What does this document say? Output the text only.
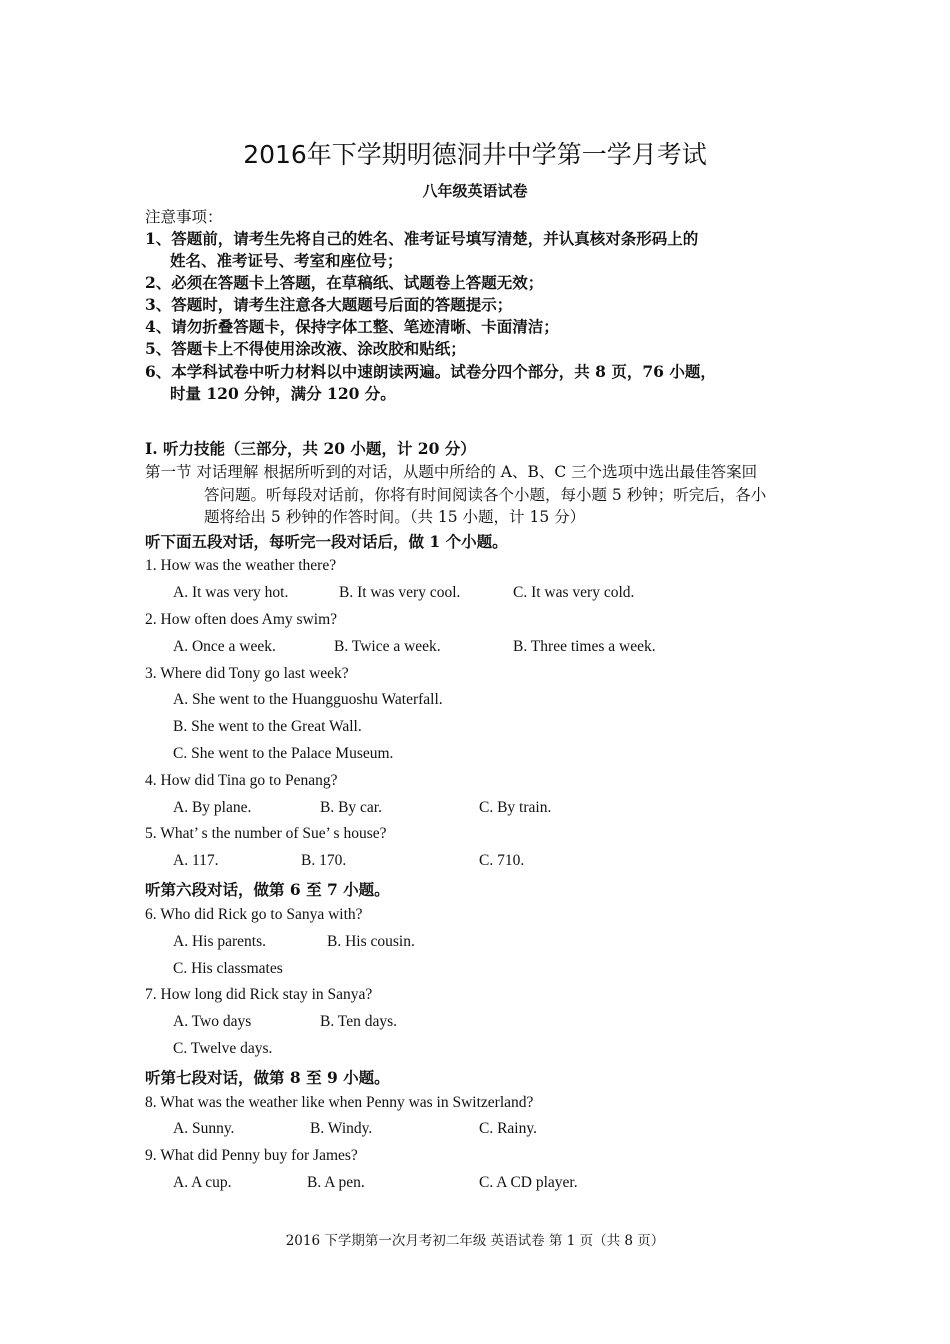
2016年下学期明德洞井中学第一学月考试
八年级英语试卷
注意事项：
1、答题前，请考生先将自己的姓名、准考证号填写清楚，并认真核对条形码上的
姓名、准考证号、考室和座位号；
2、必须在答题卡上答题，在草稿纸、试题卷上答题无效；
3、答题时，请考生注意各大题题号后面的答题提示；
4、请勿折叠答题卡，保持字体工整、笔迹清晰、卡面清洁；
5、答题卡上不得使用涂改液、涂改胶和贴纸；
6、本学科试卷中听力材料以中速朗读两遍。试卷分四个部分，共 8 页，76 小题，
时量 120 分钟，满分 120 分。
I. 听力技能（三部分，共 20 小题，计 20 分）
第一节 对话理解 根据所听到的对话，从题中所给的 A、B、C 三个选项中选出最佳答案回
答问题。听每段对话前，你将有时间阅读各个小题，每小题 5 秒钟；听完后，各小
题将给出 5 秒钟的作答时间。（共 15 小题，计 15 分）
听下面五段对话，每听完一段对话后，做 1 个小题。
1. How was the weather there?
A. It was very hot.	B. It was very cool.	C. It was very cold.
2. How often does Amy swim?
A. Once a week.	B. Twice a week.	B. Three times a week.
3. Where did Tony go last week?
A. She went to the Huangguoshu Waterfall.
B. She went to the Great Wall.
C. She went to the Palace Museum.
4. How did Tina go to Penang?
A. By plane.	B. By car.	C. By train.
5. What’ s the number of Sue’ s house?
A. 117.	B. 170.	C. 710.
听第六段对话，做第 6 至 7 小题。
6. Who did Rick go to Sanya with?
A. His parents.	B. His cousin.
C. His classmates
7. How long did Rick stay in Sanya?
A. Two days	B. Ten days.
C. Twelve days.
听第七段对话，做第 8 至 9 小题。
8. What was the weather like when Penny was in Switzerland?
A. Sunny.	B. Windy.	C. Rainy.
9. What did Penny buy for James?
A. A cup.	B. A pen.	C. A CD player.
2016 下学期第一次月考初二年级 英语试卷 第 1 页（共 8 页）
